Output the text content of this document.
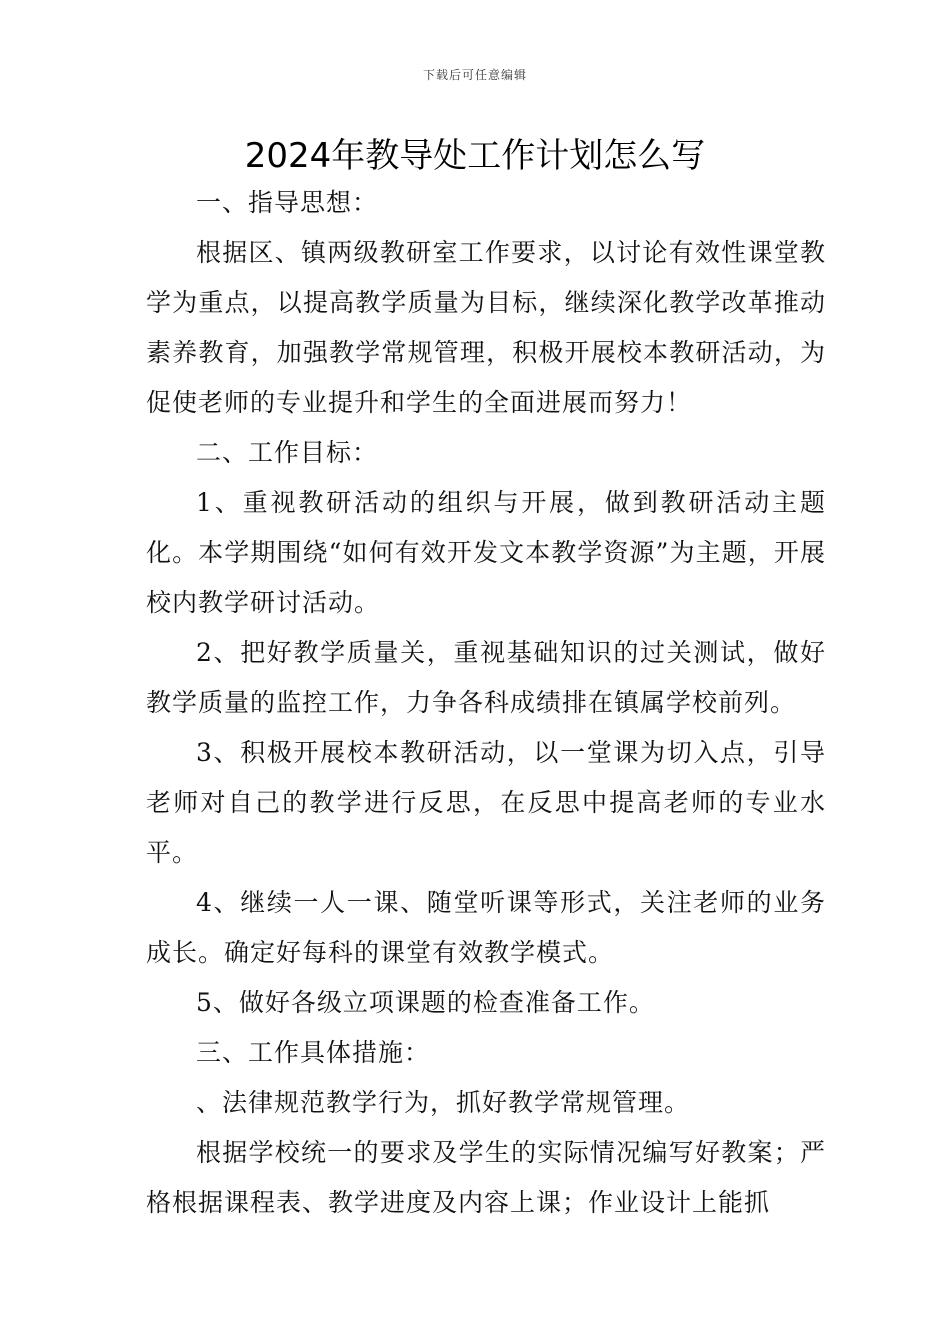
下载后可任意编辑
2024年教导处工作计划怎么写

一、指导思想：

根据区、镇两级教研室工作要求，以讨论有效性课堂教学为重点，以提高教学质量为目标，继续深化教学改革推动素养教育，加强教学常规管理，积极开展校本教研活动，为促使老师的专业提升和学生的全面进展而努力！

二、工作目标：

1、重视教研活动的组织与开展，做到教研活动主题化。本学期围绕“如何有效开发文本教学资源”为主题，开展校内教学研讨活动。

2、把好教学质量关，重视基础知识的过关测试，做好教学质量的监控工作，力争各科成绩排在镇属学校前列。

3、积极开展校本教研活动，以一堂课为切入点，引导老师对自己的教学进行反思，在反思中提高老师的专业水平。

4、继续一人一课、随堂听课等形式，关注老师的业务成长。确定好每科的课堂有效教学模式。

5、做好各级立项课题的检查准备工作。

三、工作具体措施：

、法律规范教学行为，抓好教学常规管理。

根据学校统一的要求及学生的实际情况编写好教案；严格根据课程表、教学进度及内容上课；作业设计上能抓
